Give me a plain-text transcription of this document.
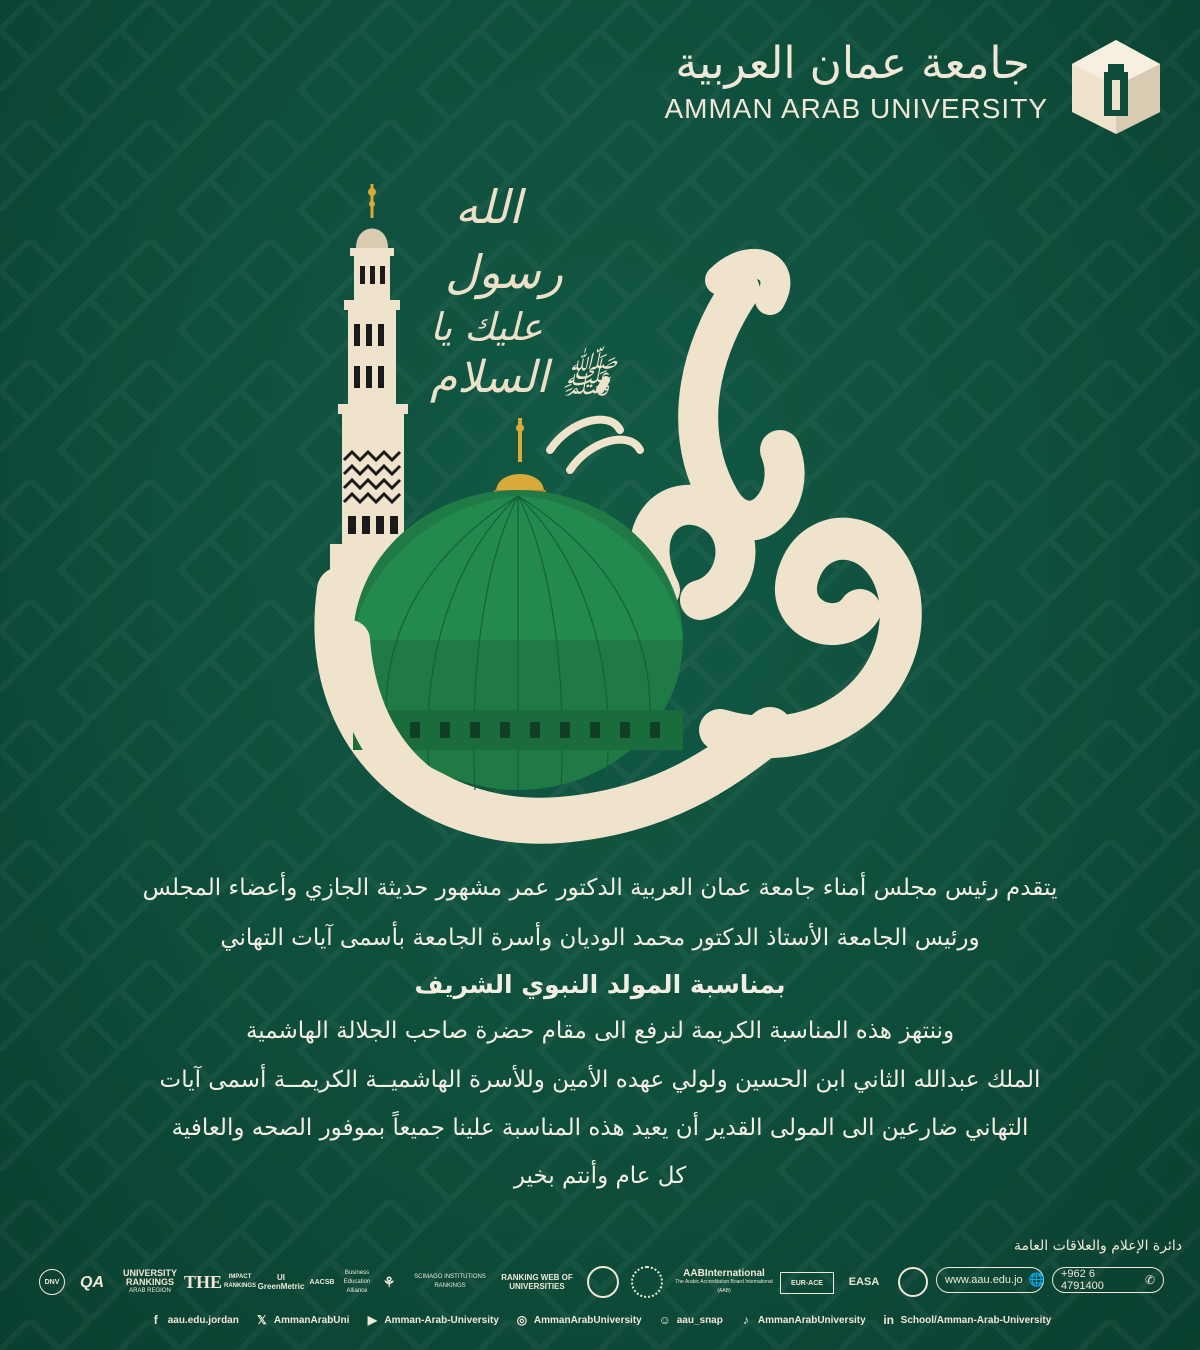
جامعة عمان العربية
AMMAN ARAB UNIVERSITY
الله
رسول
عليك يا
السلام ﷺ
يتقدم رئيس مجلس أمناء جامعة عمان العربية الدكتور عمر مشهور حديثة الجازي وأعضاء المجلس
ورئيس الجامعة الأستاذ الدكتور محمد الوديان وأسرة الجامعة بأسمى آيات التهاني
بمناسبة المولد النبوي الشريف
وننتهز هذه المناسبة الكريمة لنرفع الى مقام حضرة صاحب الجلالة الهاشمية
الملك عبدالله الثاني ابن الحسين ولولي عهده الأمين وللأسرة الهاشميــة الكريمــة أسمى آيات
التهاني ضارعين الى المولى القدير أن يعيد هذه المناسبة علينا جميعاً بموفور الصحه والعافية
كل عام وأنتم بخير
دائرة الإعلام والعلاقات العامة
DNV	QA
UNIVERSITY RANKINGS
ARAB REGION THE	IMPACT RANKINGS
UI GreenMetric AACSB
Business Education Alliance
⚘	SCIMAGO INSTITUTIONS RANKINGS
RANKING WEB OF UNIVERSITIES
AABInternational
The Arabic Accreditation Board International (AAB)
EUR-ACE	EASA	www.aau.edu.jo 🌐 +962 6 4791400	✆
f	aau.edu.jordan 𝕏 AmmanArabUni ▶ Amman-Arab-University ◎ AmmanArabUniversity ☺ aau_snap	♪ AmmanArabUniversity in School/Amman-Arab-University
